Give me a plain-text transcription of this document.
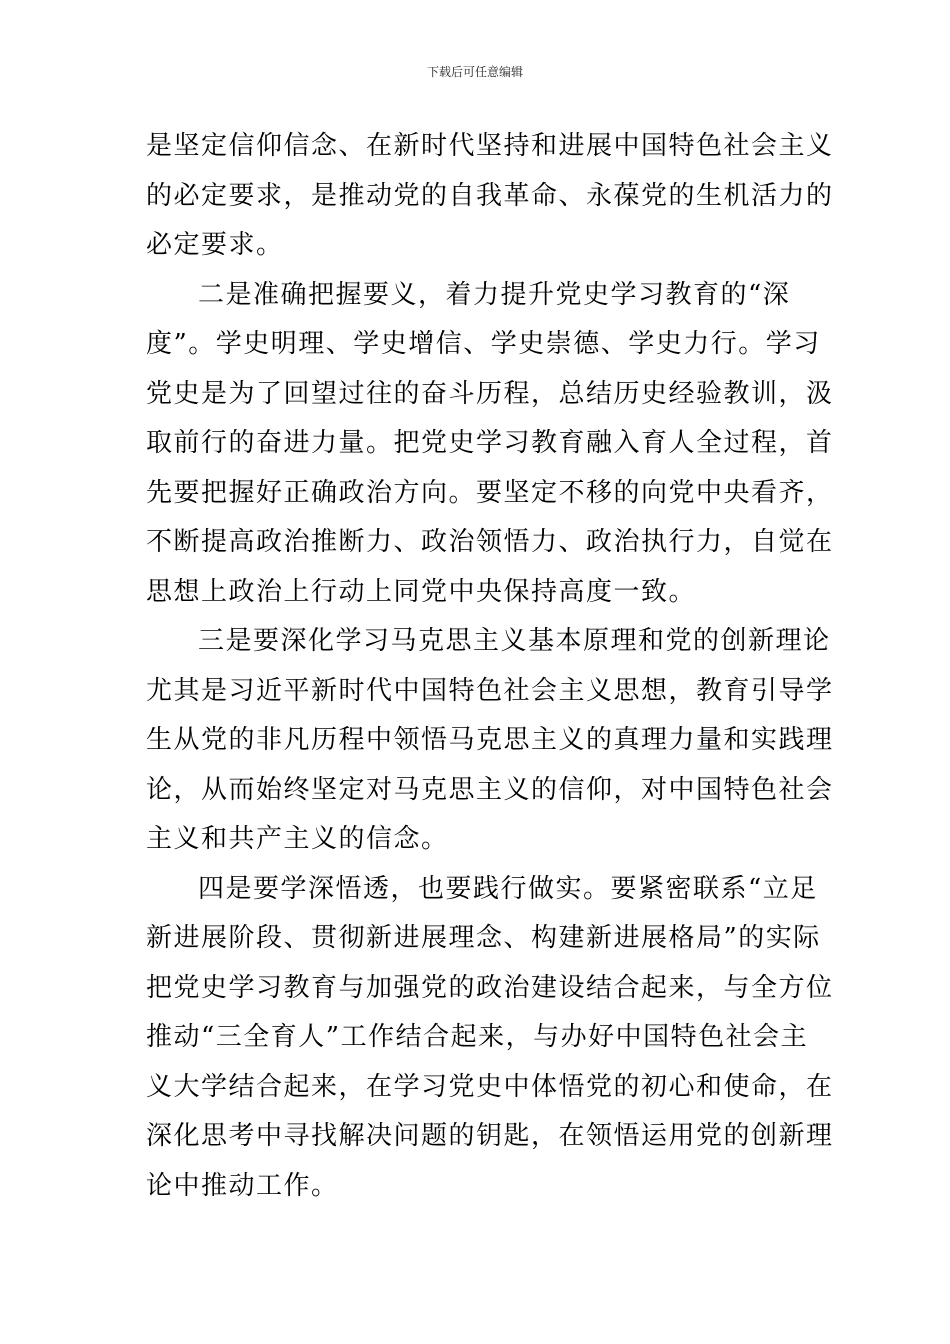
下载后可任意编辑
是坚定信仰信念、在新时代坚持和进展中国特色社会主义
的必定要求，是推动党的自我革命、永葆党的生机活力的
必定要求。
二是准确把握要义，着力提升党史学习教育的“深
度”。学史明理、学史增信、学史崇德、学史力行。学习
党史是为了回望过往的奋斗历程，总结历史经验教训，汲
取前行的奋进力量。把党史学习教育融入育人全过程，首
先要把握好正确政治方向。要坚定不移的向党中央看齐，
不断提高政治推断力、政治领悟力、政治执行力，自觉在
思想上政治上行动上同党中央保持高度一致。
三是要深化学习马克思主义基本原理和党的创新理论
尤其是习近平新时代中国特色社会主义思想，教育引导学
生从党的非凡历程中领悟马克思主义的真理力量和实践理
论，从而始终坚定对马克思主义的信仰，对中国特色社会
主义和共产主义的信念。
四是要学深悟透，也要践行做实。要紧密联系“立足
新进展阶段、贯彻新进展理念、构建新进展格局”的实际
把党史学习教育与加强党的政治建设结合起来，与全方位
推动“三全育人”工作结合起来，与办好中国特色社会主
义大学结合起来，在学习党史中体悟党的初心和使命，在
深化思考中寻找解决问题的钥匙，在领悟运用党的创新理
论中推动工作。
